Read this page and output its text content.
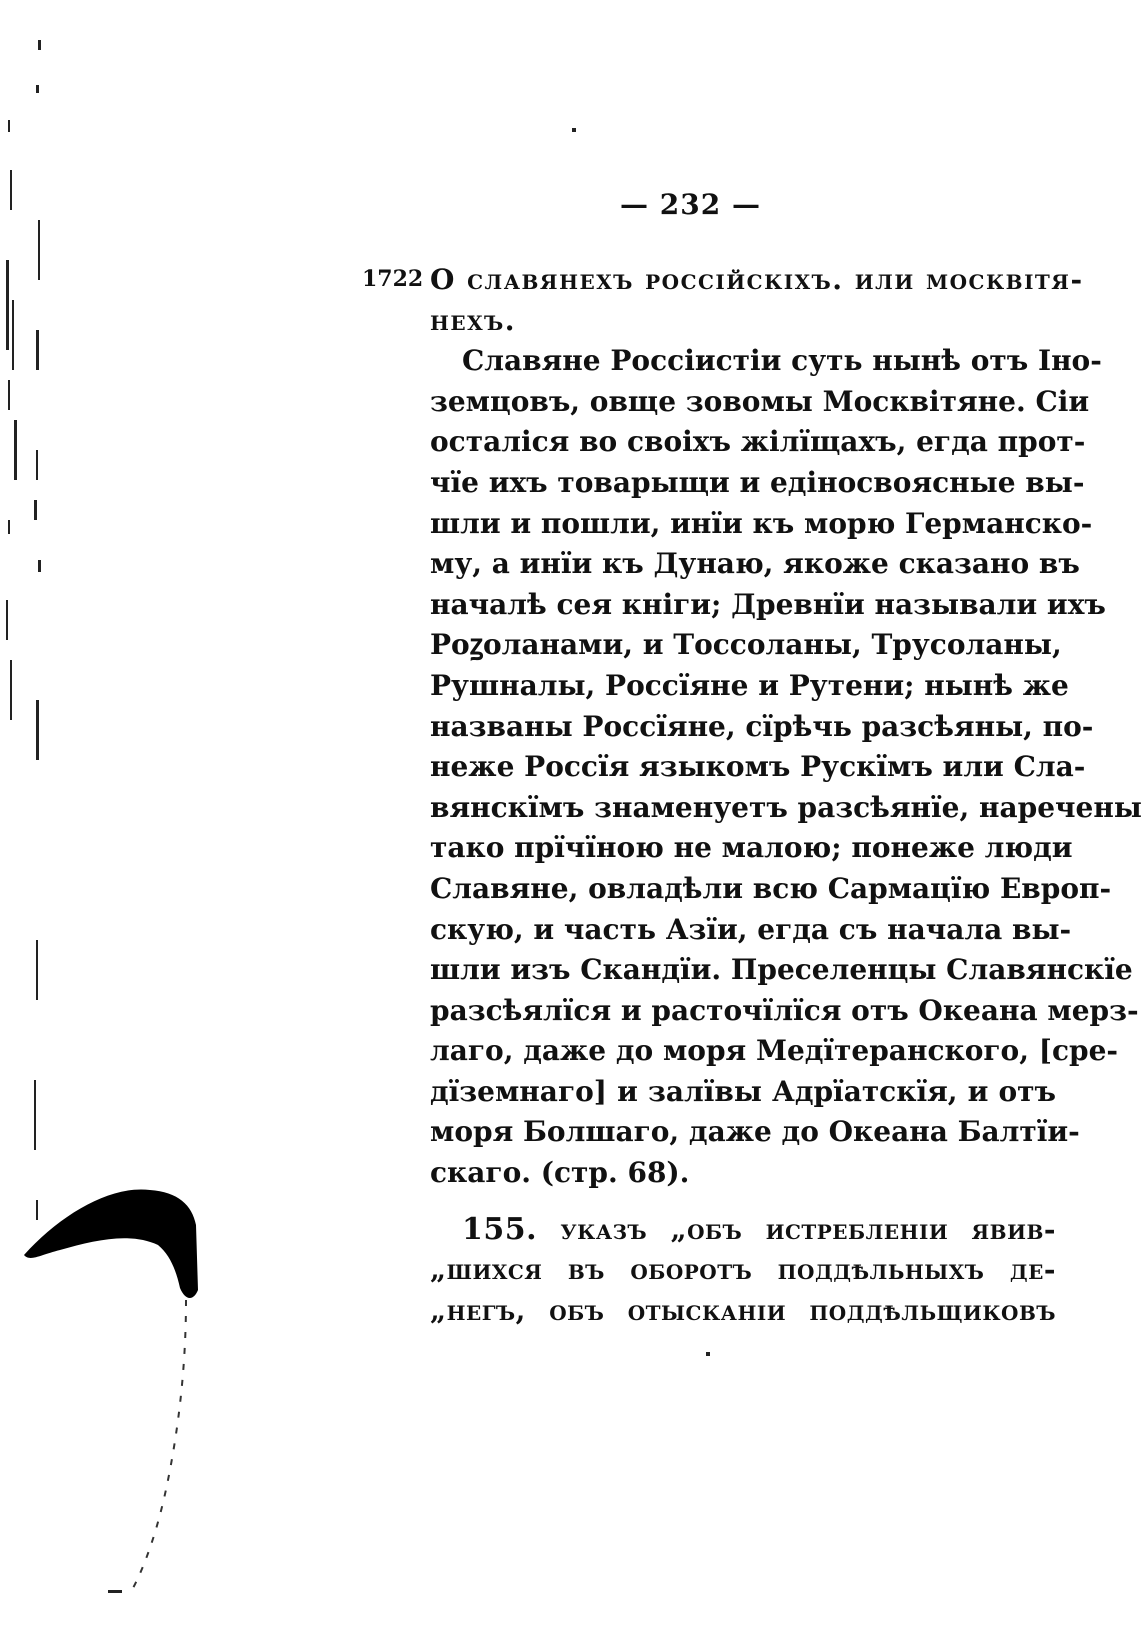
— 232 —
1722 О славянехъ россійскіхъ. или москвітя-
нехъ.
Славяне Россіистіи суть нынѣ отъ Іно-
земцовъ, овще зовомы Москвітяне. Сіи
осталіся во своіхъ жілїщахъ, егда прот-
чїе ихъ товарыщи и едіносвоясные вы-
шли и пошли, инїи къ морю Германско-
му, а инїи къ Дунаю, якоже сказано въ
началѣ сея кніги; Древнїи называли ихъ
Роꙁоланами, и Тоссоланы, Трусоланы,
Рушналы, Россїяне и Рутени; нынѣ же
названы Россїяне, сїрѣчь разсѣяны, по-
неже Россїя языкомъ Рускїмъ или Сла-
вянскїмъ знаменуетъ разсѣянїе, наречены
тако прїчїною не малою; понеже люди
Славяне, овладѣли всю Сармацїю Европ-
скую, и часть Азїи, егда съ начала вы-
шли изъ Скандїи. Преселенцы Славянскїе
разсѣялїся и расточїлїся отъ Океана мерз-
лаго, даже до моря Медїтеранского, [сре-
дїземнаго] и залївы Адрїатскїя, и отъ
моря Болшаго, даже до Океана Балтїи-
скаго. (стр. 68).
155. указъ „объ истребленіи явив-
„шихся въ оборотъ поддѣльныхъ де-
„негъ, объ отысканіи поддѣльщиковъ
